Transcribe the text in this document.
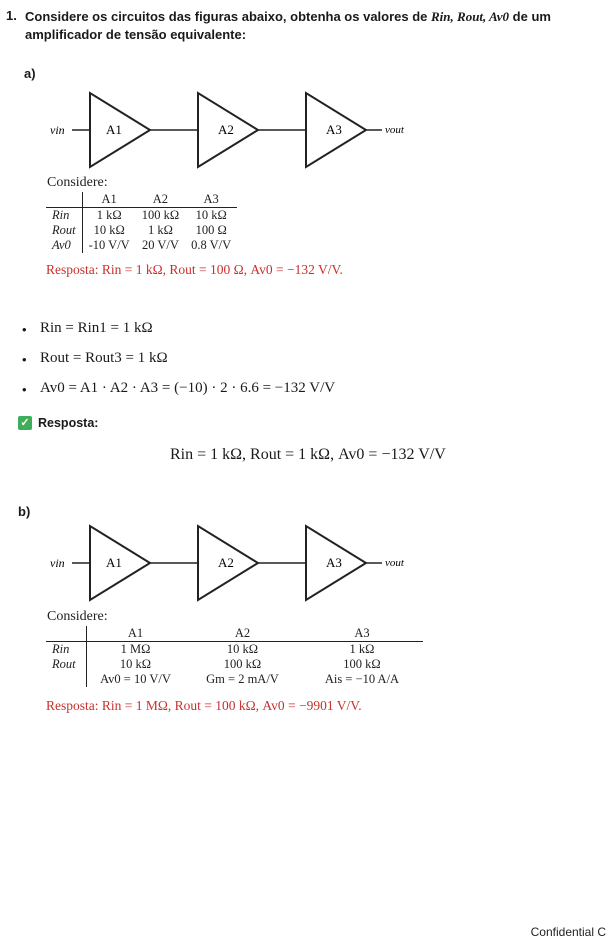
1. Considere os circuitos das figuras abaixo, obtenha os valores de Rin, Rout, Av0 de um amplificador de tensão equivalente:
a)
vin	A1	A2	A3	vout
Considere:
	A1	A2	A3
Rin	1 kΩ	100 kΩ	10 kΩ
Rout	10 kΩ	1 kΩ	100 Ω
Av0	-10 V/V	20 V/V	0.8 V/V
Resposta: Rin = 1 kΩ, Rout = 100 Ω, Av0 = −132 V/V.
• Rin = Rin1 = 1 kΩ
• Rout = Rout3 = 1 kΩ
• Av0 = A1 · A2 · A3 = (−10) · 2 · 6.6 = −132 V/V
✓ Resposta:
Rin = 1 kΩ, Rout = 1 kΩ, Av0 = −132 V/V
b)
vin	A1	A2	A3	vout
Considere:
	A1	A2	A3
Rin	1 MΩ	10 kΩ	1 kΩ
Rout	10 kΩ	100 kΩ	100 kΩ
	Av0 = 10 V/V	Gm = 2 mA/V	Ais = −10 A/A
Resposta: Rin = 1 MΩ, Rout = 100 kΩ, Av0 = −9901 V/V.
Confidential C
